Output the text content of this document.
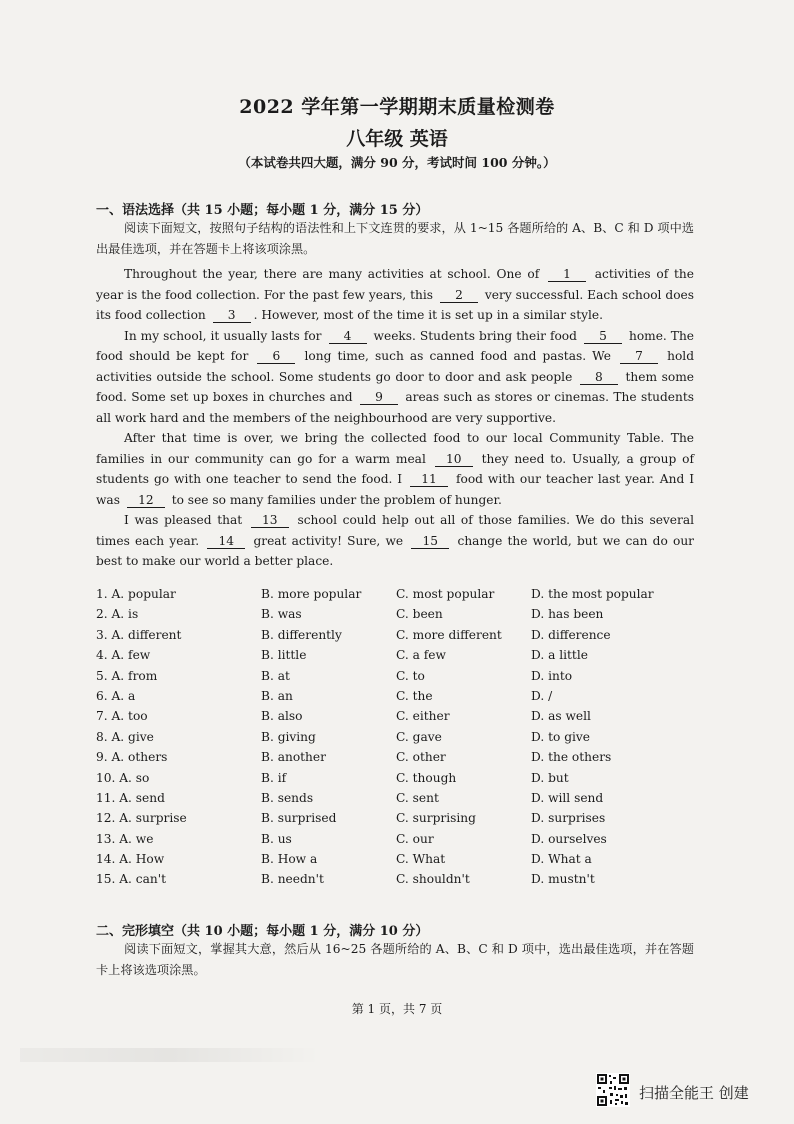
2022 学年第一学期期末质量检测卷
八年级 英语
（本试卷共四大题，满分 90 分，考试时间 100 分钟。）
一、语法选择（共 15 小题；每小题 1 分，满分 15 分）
阅读下面短文，按照句子结构的语法性和上下文连贯的要求，从 1~15 各题所给的 A、B、C 和 D 项中选出最佳选项，并在答题卡上将该项涂黑。
Throughout the year, there are many activities at school. One of 1 activities of the year is the food collection. For the past few years, this 2 very successful. Each school does its food collection 3 . However, most of the time it is set up in a similar style.
In my school, it usually lasts for 4 weeks. Students bring their food 5 home. The food should be kept for 6 long time, such as canned food and pastas. We 7 hold activities outside the school. Some students go door to door and ask people 8 them some food. Some set up boxes in churches and 9 areas such as stores or cinemas. The students all work hard and the members of the neighbourhood are very supportive.
After that time is over, we bring the collected food to our local Community Table. The families in our community can go for a warm meal 10 they need to. Usually, a group of students go with one teacher to send the food. I 11 food with our teacher last year. And I was 12 to see so many families under the problem of hunger.
I was pleased that 13 school could help out all of those families. We do this several times each year. 14 great activity! Sure, we 15 change the world, but we can do our best to make our world a better place.
1. A. popular	B. more popular	C. most popular	D. the most popular
2. A. is	B. was	C. been	D. has been
3. A. different	B. differently	C. more different D. difference
4. A. few	B. little	C. a few	D. a little
5. A. from	B. at	C. to	D. into
6. A. a	B. an	C. the	D. /
7. A. too	B. also	C. either	D. as well
8. A. give	B. giving	C. gave	D. to give
9. A. others	B. another	C. other	D. the others
10. A. so	B. if	C. though	D. but
11. A. send	B. sends	C. sent	D. will send
12. A. surprise	B. surprised	C. surprising	D. surprises
13. A. we	B. us	C. our	D. ourselves
14. A. How	B. How a	C. What	D. What a
15. A. can't	B. needn't	C. shouldn't	D. mustn't
二、完形填空（共 10 小题；每小题 1 分，满分 10 分）
阅读下面短文，掌握其大意，然后从 16~25 各题所给的 A、B、C 和 D 项中，选出最佳选项，并在答题卡上将该选项涂黑。
第 1 页，共 7 页
扫描全能王 创建
